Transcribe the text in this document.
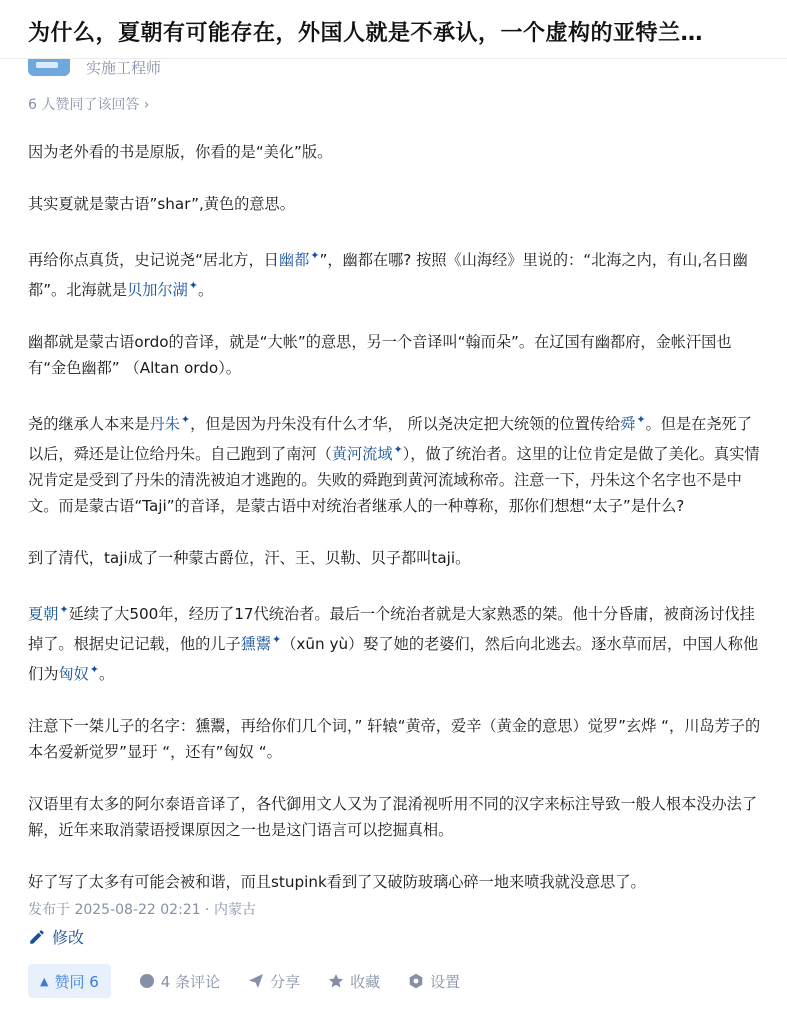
为什么，夏朝有可能存在，外国人就是不承认，一个虚构的亚特兰…
实施工程师
6 人赞同了该回答 ›

因为老外看的书是原版，你看的是“美化”版。

其实夏就是蒙古语”shar”,黄色的意思。

再给你点真货，史记说尧“居北方，日幽都✦”，幽都在哪? 按照《山海经》里说的：“北海之内，有山,名日幽都”。北海就是贝加尔湖✦。

幽都就是蒙古语ordo的音译，就是“大帐”的意思，另一个音译叫“翰而朵”。在辽国有幽都府，金帐汗国也有“金色幽都” （Altan ordo）。

尧的继承人本来是丹朱✦，但是因为丹朱没有什么才华， 所以尧决定把大统领的位置传给舜✦。但是在尧死了以后，舜还是让位给丹朱。自己跑到了南河（黄河流域✦），做了统治者。这里的让位肯定是做了美化。真实情况肯定是受到了丹朱的清洗被迫才逃跑的。失败的舜跑到黄河流域称帝。注意一下，丹朱这个名字也不是中文。而是蒙古语“Taji”的音译，是蒙古语中对统治者继承人的一种尊称，那你们想想“太子”是什么?

到了清代，taji成了一种蒙古爵位，汗、王、贝勒、贝子都叫taji。

夏朝✦延续了大500年，经历了17代统治者。最后一个统治者就是大家熟悉的桀。他十分昏庸，被商汤讨伐挂掉了。根据史记记载，他的儿子獯鬻✦（xūn yù）娶了她的老婆们，然后向北逃去。逐水草而居，中国人称他们为匈奴✦。

注意下一桀儿子的名字：獯鬻，再给你们几个词，” 轩辕“黄帝，爱辛（黄金的意思）觉罗”玄烨 “，川岛芳子的本名爱新觉罗”显玗 “，还有”匈奴 “。

汉语里有太多的阿尔泰语音译了，各代御用文人又为了混淆视听用不同的汉字来标注导致一般人根本没办法了解，近年来取消蒙语授课原因之一也是这门语言可以挖掘真相。

好了写了太多有可能会被和谐，而且stupink看到了又破防玻璃心碎一地来喷我就没意思了。

发布于 2025-08-22 02:21 · 内蒙古
修改
▲ 赞同 6	4 条评论	分享	收藏	设置
